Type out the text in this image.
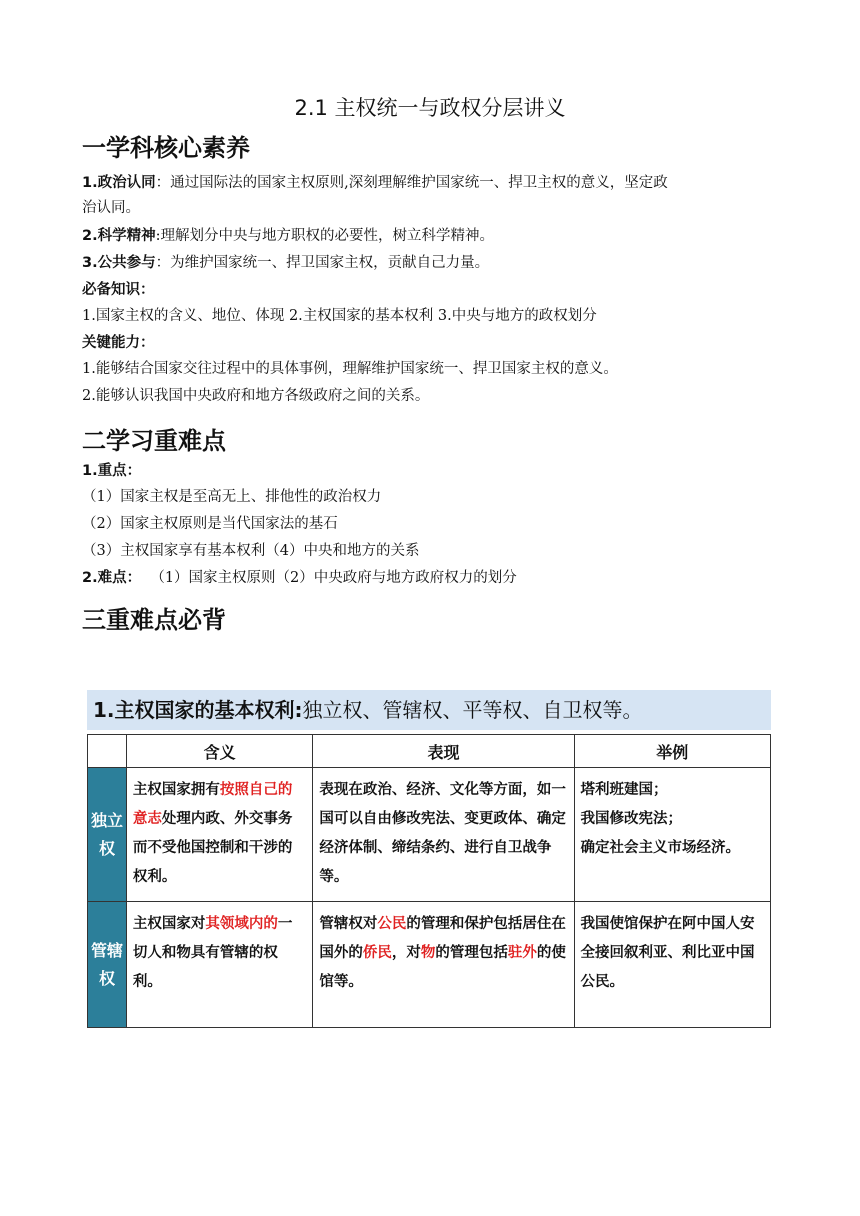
2.1 主权统一与政权分层讲义
一学科核心素养
1.政治认同：通过国际法的国家主权原则,深刻理解维护国家统一、捍卫主权的意义，坚定政
治认同。
2.科学精神:理解划分中央与地方职权的必要性，树立科学精神。
3.公共参与：为维护国家统一、捍卫国家主权，贡献自己力量。
必备知识：
1.国家主权的含义、地位、体现 2.主权国家的基本权利 3.中央与地方的政权划分
关键能力：
1.能够结合国家交往过程中的具体事例，理解维护国家统一、捍卫国家主权的意义。
2.能够认识我国中央政府和地方各级政府之间的关系。
二学习重难点
1.重点：
（1）国家主权是至高无上、排他性的政治权力
（2）国家主权原则是当代国家法的基石
（3）主权国家享有基本权利（4）中央和地方的关系
2.难点：  （1）国家主权原则（2）中央政府与地方政府权力的划分
三重难点必背
1.主权国家的基本权利:独立权、管辖权、平等权、自卫权等。
	含义	表现	举例
独立权	主权国家拥有按照自己的意志处理内政、外交事务而不受他国控制和干涉的权利。	表现在政治、经济、文化等方面，如一国可以自由修改宪法、变更政体、确定经济体制、缔结条约、进行自卫战争等。	塔利班建国；
我国修改宪法；
确定社会主义市场经济。

管辖权	主权国家对其领域内的一切人和物具有管辖的权利。	管辖权对公民的管理和保护包括居住在国外的侨民，对物的管理包括驻外的使馆等。	我国使馆保护在阿中国人安全接回叙利亚、利比亚中国公民。
